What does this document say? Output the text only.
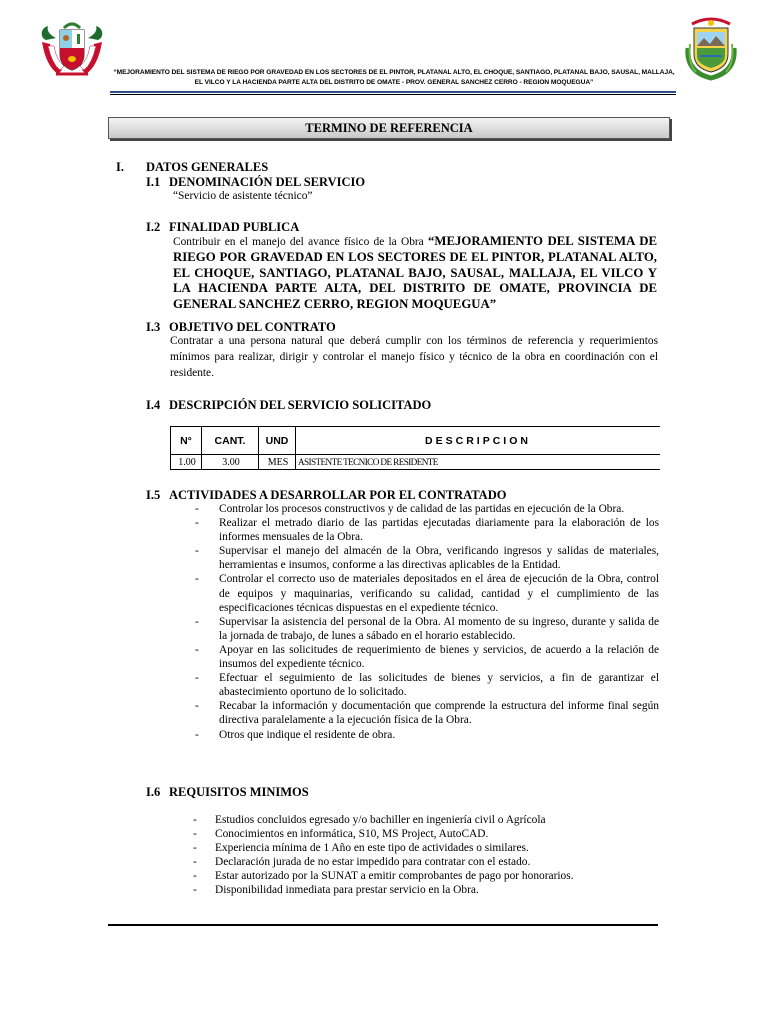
“MEJORAMIENTO DEL SISTEMA DE RIEGO POR GRAVEDAD EN LOS SECTORES DE EL PINTOR, PLATANAL ALTO, EL CHOQUE, SANTIAGO, PLATANAL BAJO, SAUSAL, MALLAJA,
EL VILCO Y LA HACIENDA PARTE ALTA DEL DISTRITO DE OMATE - PROV. GENERAL SANCHEZ CERRO - REGION MOQUEGUA”
TERMINO DE REFERENCIA
I. DATOS GENERALES
I.1 DENOMINACIÓN DEL SERVICIO
“Servicio de asistente técnico”
I.2 FINALIDAD PUBLICA
Contribuir en el manejo del avance físico de la Obra “MEJORAMIENTO DEL SISTEMA DE RIEGO POR GRAVEDAD EN LOS SECTORES DE EL PINTOR, PLATANAL ALTO, EL CHOQUE, SANTIAGO, PLATANAL BAJO, SAUSAL, MALLAJA, EL VILCO Y LA HACIENDA PARTE ALTA, DEL DISTRITO DE OMATE, PROVINCIA DE GENERAL SANCHEZ CERRO, REGION MOQUEGUA”
I.3 OBJETIVO DEL CONTRATO
Contratar a una persona natural que deberá cumplir con los términos de referencia y requerimientos mínimos para realizar, dirigir y controlar el manejo físico y técnico de la obra en coordinación con el residente.
I.4 DESCRIPCIÓN DEL SERVICIO SOLICITADO
N°	CANT.	UND	DESCRIPCION
1.00	3.00	MES	ASISTENTE TECNICO DE RESIDENTE
I.5 ACTIVIDADES A DESARROLLAR POR EL CONTRATADO
- Controlar los procesos constructivos y de calidad de las partidas en ejecución de la Obra.
- Realizar el metrado diario de las partidas ejecutadas diariamente para la elaboración de los informes mensuales de la Obra.
- Supervisar el manejo del almacén de la Obra, verificando ingresos y salidas de materiales, herramientas e insumos, conforme a las directivas aplicables de la Entidad.
- Controlar el correcto uso de materiales depositados en el área de ejecución de la Obra, control de equipos y maquinarias, verificando su calidad, cantidad y el cumplimiento de las especificaciones técnicas dispuestas en el expediente técnico.
- Supervisar la asistencia del personal de la Obra. Al momento de su ingreso, durante y salida de la jornada de trabajo, de lunes a sábado en el horario establecido.
- Apoyar en las solicitudes de requerimiento de bienes y servicios, de acuerdo a la relación de insumos del expediente técnico.
- Efectuar el seguimiento de las solicitudes de bienes y servicios, a fin de garantizar el abastecimiento oportuno de lo solicitado.
- Recabar la información y documentación que comprende la estructura del informe final según directiva paralelamente a la ejecución física de la Obra.
- Otros que indique el residente de obra.
I.6 REQUISITOS MINIMOS
- Estudios concluidos egresado y/o bachiller en ingeniería civil o Agrícola
- Conocimientos en informática, S10, MS Project, AutoCAD.
- Experiencia mínima de 1 Año en este tipo de actividades o similares.
- Declaración jurada de no estar impedido para contratar con el estado.
- Estar autorizado por la SUNAT a emitir comprobantes de pago por honorarios.
- Disponibilidad inmediata para prestar servicio en la Obra.
